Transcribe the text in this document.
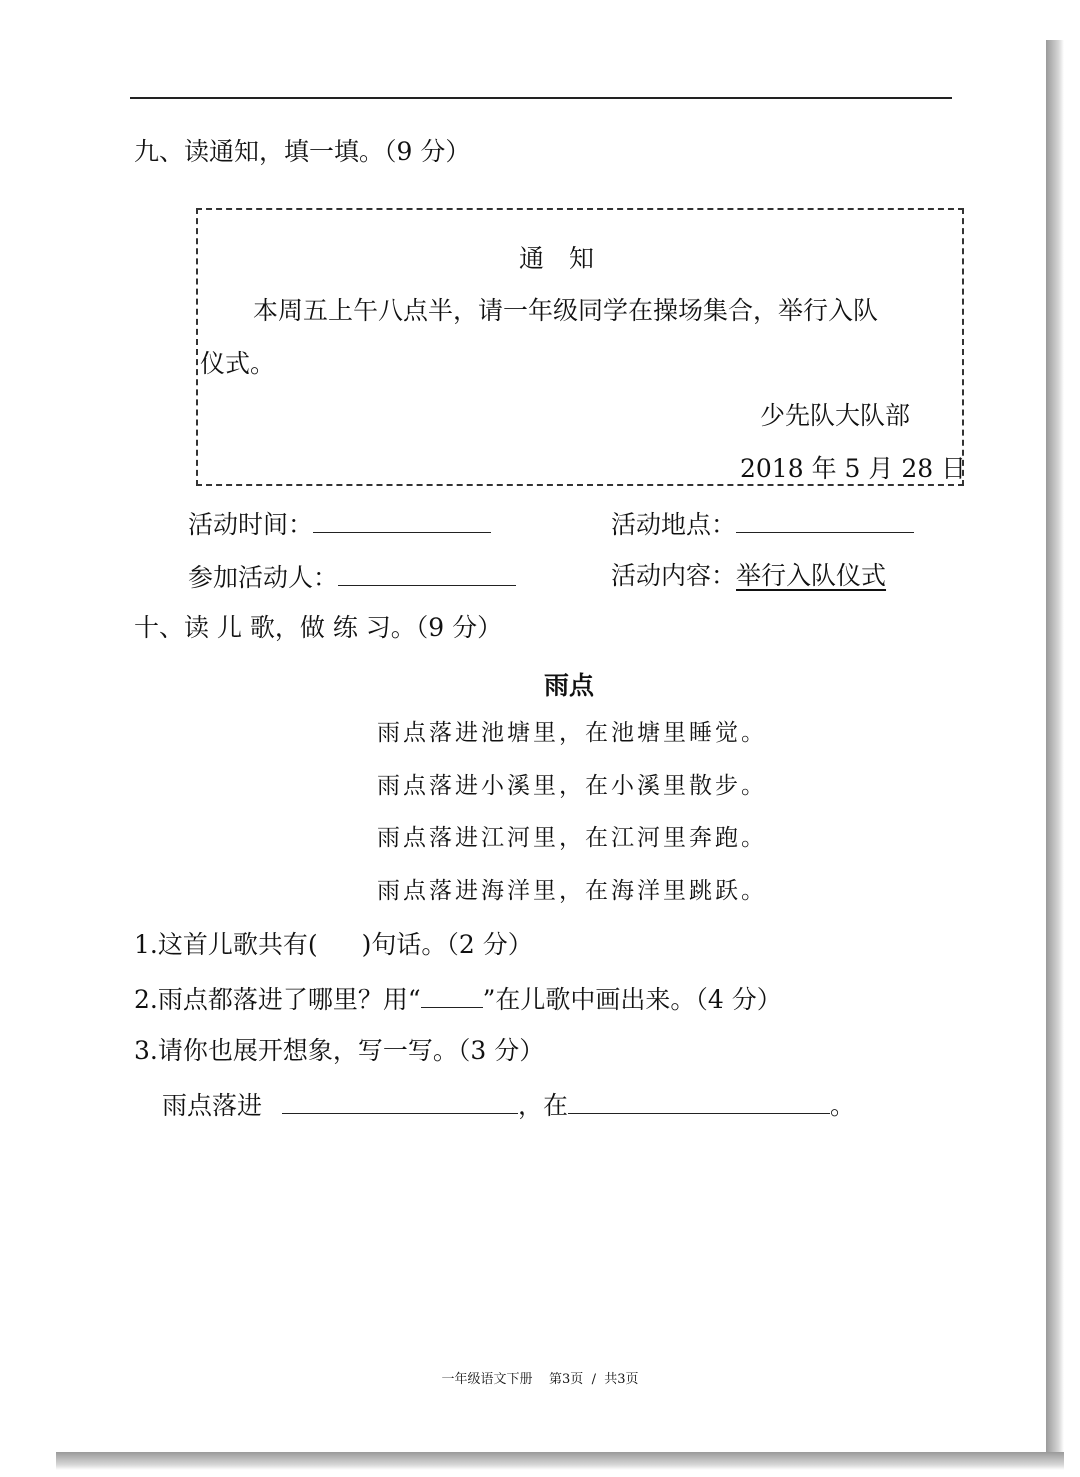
九、读通知，填一填。（9 分）
通　知
本周五上午八点半，请一年级同学在操场集合，举行入队
仪式。
少先队大队部
2018 年 5 月 28 日
活动时间：	活动地点：
参加活动人：	活动内容：举行入队仪式
十、读 儿 歌，做 练 习。（9 分）
雨点
雨点落进池塘里，在池塘里睡觉。
雨点落进小溪里，在小溪里散步。
雨点落进江河里，在江河里奔跑。
雨点落进海洋里，在海洋里跳跃。
1.这首儿歌共有( )句话。（2 分）
2.雨点都落进了哪里？用“ ”在儿歌中画出来。（4 分）
3.请你也展开想象，写一写。（3 分）
雨点落进	，在	。
一年级语文下册    第3页  /  共3页
